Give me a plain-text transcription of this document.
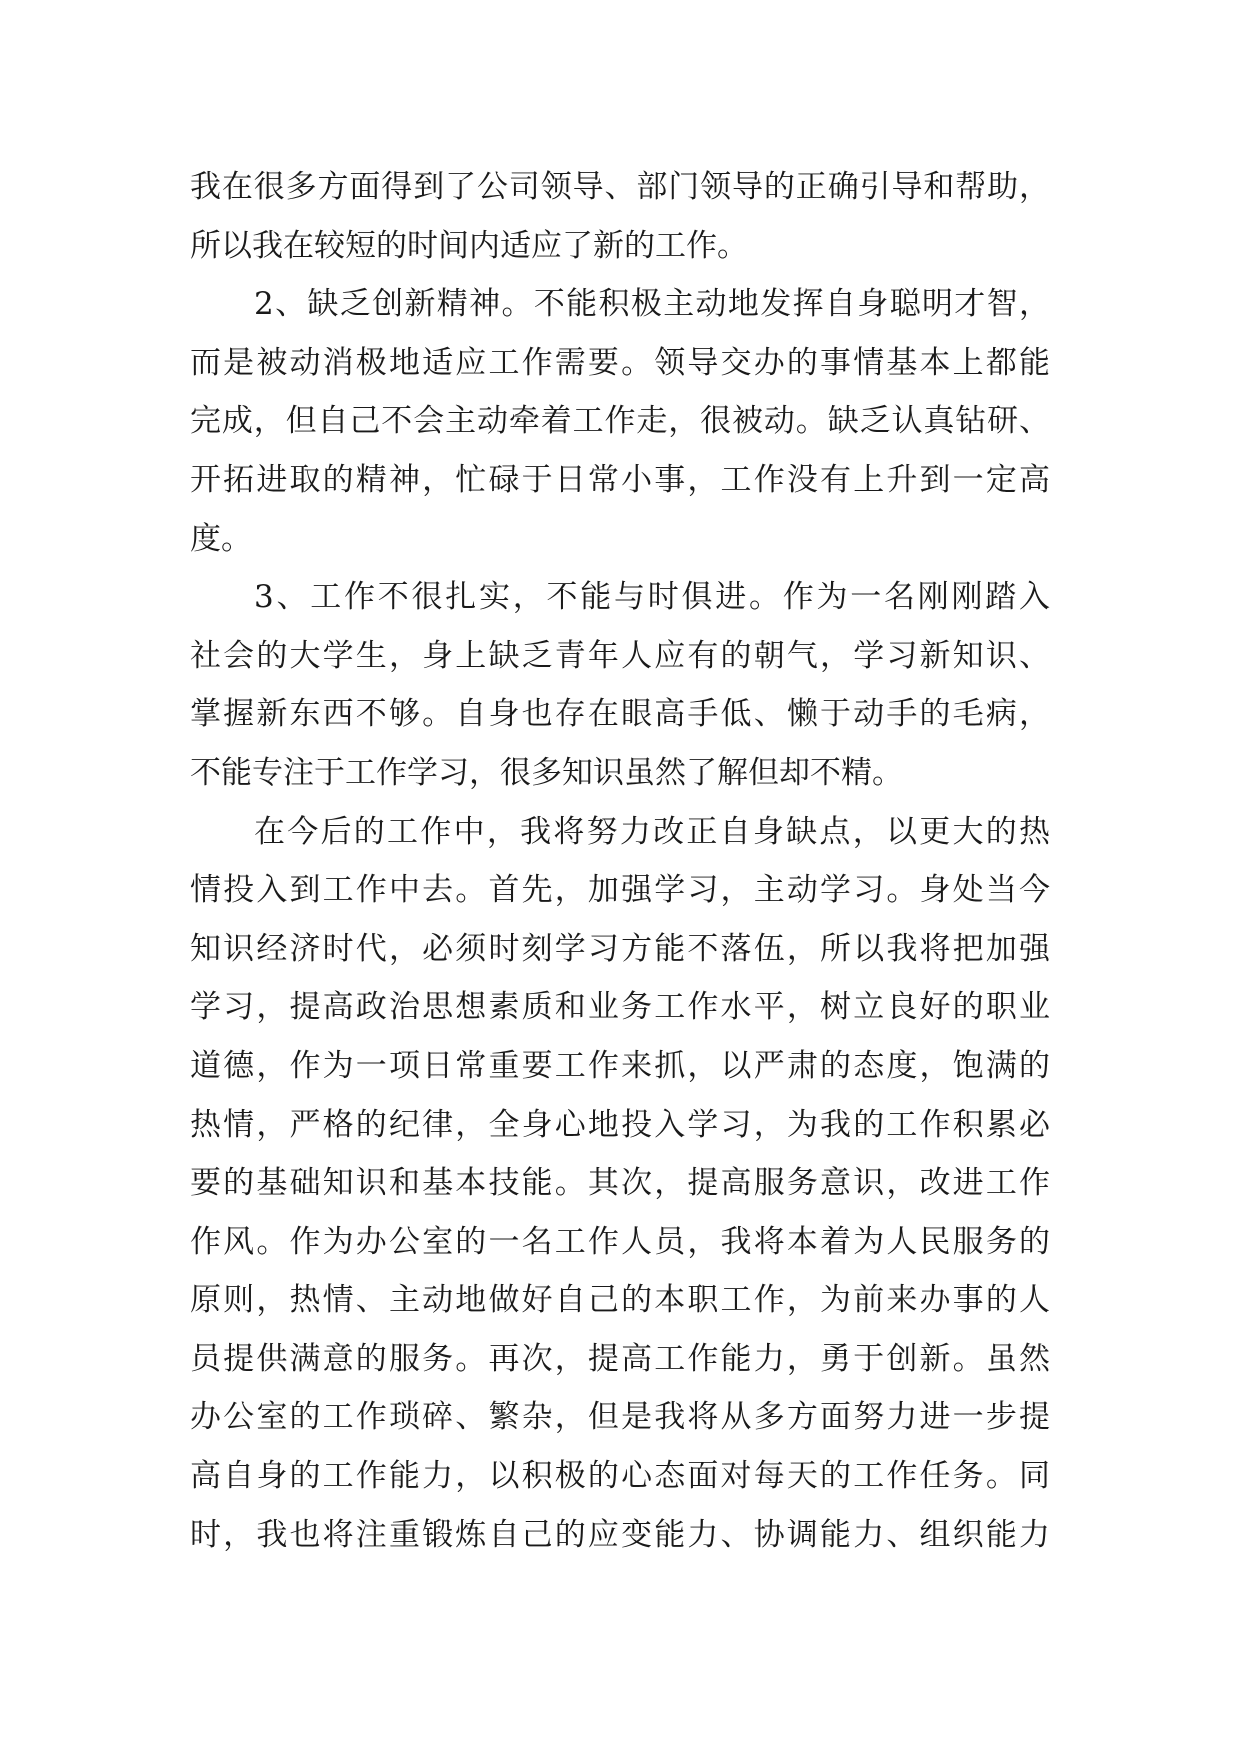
我在很多方面得到了公司领导、部门领导的正确引导和帮助，
所以我在较短的时间内适应了新的工作。
2、缺乏创新精神。不能积极主动地发挥自身聪明才智，
而是被动消极地适应工作需要。领导交办的事情基本上都能
完成，但自己不会主动牵着工作走，很被动。缺乏认真钻研、
开拓进取的精神，忙碌于日常小事，工作没有上升到一定高
度。
3、工作不很扎实，不能与时俱进。作为一名刚刚踏入
社会的大学生，身上缺乏青年人应有的朝气，学习新知识、
掌握新东西不够。自身也存在眼高手低、懒于动手的毛病，
不能专注于工作学习，很多知识虽然了解但却不精。
在今后的工作中，我将努力改正自身缺点，以更大的热
情投入到工作中去。首先，加强学习，主动学习。身处当今
知识经济时代，必须时刻学习方能不落伍，所以我将把加强
学习，提高政治思想素质和业务工作水平，树立良好的职业
道德，作为一项日常重要工作来抓，以严肃的态度，饱满的
热情，严格的纪律，全身心地投入学习，为我的工作积累必
要的基础知识和基本技能。其次，提高服务意识，改进工作
作风。作为办公室的一名工作人员，我将本着为人民服务的
原则，热情、主动地做好自己的本职工作，为前来办事的人
员提供满意的服务。再次，提高工作能力，勇于创新。虽然
办公室的工作琐碎、繁杂，但是我将从多方面努力进一步提
高自身的工作能力，以积极的心态面对每天的工作任务。同
时，我也将注重锻炼自己的应变能力、协调能力、组织能力
